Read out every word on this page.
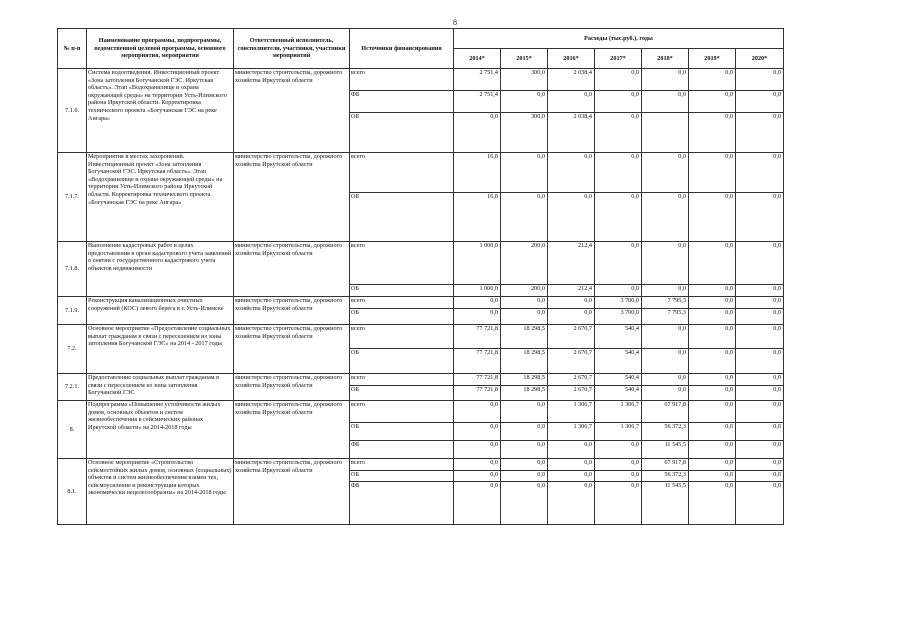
8
№ п-п	Наименование программы, подпрограммы, ведомственной целевой программы, основного мероприятия, мероприятия	Ответственный исполнитель, соисполнители, участники, участники мероприятий	Источники финансирования	Расходы (тыс.руб.), годы						
				2014*	2015*	2016*	2017*	2018*	2019*	2020*
7.1.6.	Система водоотведения. Инвестиционный проект «Зона затопления Богучанской ГЭС. Иркутская область». Этап «Водохранилище и охрана окружающей среды» на территории Усть-Илимского района Иркутской области. Корректировка технического проекта «Богучанская ГЭС на реке Ангара»	министерство строительства, дорожного хозяйства Иркутской области	всего	2 751,4	300,0	2 038,4	0,0	0,0	0,0	0,0
			ФБ	2 751,4	0,0	0,0	0,0	0,0	0,0	0,0
			ОБ	0,0	300,0	2 038,4	0,0		0,0	0,0
7.1.7.	Мероприятия в местах захоронений. Инвестиционный проект «Зона затопления Богучанской ГЭС. Иркутская область». Этап «Водохранилище и охрана окружающей среды» на территории Усть-Илимского района Иркутской области. Корректировка технического проекта «Богучанская ГЭС на реке Ангара»	министерство строительства, дорожного хозяйства Иркутской области	всего	16,8	0,0	0,0	0,0	0,0	0,0	0,0
			ОБ	16,8	0,0	0,0	0,0	0,0	0,0	0,0
7.1.8.	Выполнение кадастровых работ в целях предоставления в орган кадастрового учета заявлений о снятии с государственного кадастрового учета объектов недвижимости	министерство строительства, дорожного хозяйства Иркутской области	всего	1 000,0	200,0	212,4	0,0	0,0	0,0	0,0
			ОБ	1 000,0	200,0	212,4	0,0	0,0	0,0	0,0
7.1.9.	Реконструкция канализационных очистных сооружений (КОС) левого берега в г. Усть-Илимске	министерство строительства, дорожного хозяйства Иркутской области	всего	0,0	0,0	0,0	3 700,0	7 795,3	0,0	0,0
			ОБ	0,0	0,0	0,0	3 700,0	7 795,3	0,0	0,0
7.2.	Основное мероприятие «Предоставление социальных выплат гражданам в связи с переселением из зоны затопления Богучанской ГЭС» на 2014 - 2017 годы	министерство строительства, дорожного хозяйства Иркутской области	всего	77 721,8	18 298,5	2 670,7	540,4	0,0	0,0	0,0
			ОБ	77 721,8	18 298,5	2 670,7	540,4	0,0	0,0	0,0
7.2.1.	Предоставление социальных выплат гражданам в связи с переселением из зоны затопления Богучанской ГЭС	министерство строительства, дорожного хозяйства Иркутской области	всего	77 721,8	18 298,5	2 670,7	540,4	0,0	0,0	0,0
			ОБ	77 721,8	18 298,5	2 670,7	540,4	0,0	0,0	0,0
8.	Подпрограмма «Повышение устойчивости жилых домов, основных объектов и систем жизнеобеспечения в сейсмических районах Иркутской области» на 2014-2018 годы	министерство строительства, дорожного хозяйства Иркутской области	всего	0,0	0,0	1 306,7	1 306,7	67 917,8	0,0	0,0
			ОБ	0,0	0,0	1 306,7	1 306,7	56 372,3	0,0	0,0
			ФБ	0,0	0,0	0,0	0,0	11 545,5	0,0	0,0
8.1.	Основное мероприятие «Строительство сейсмостойких жилых домов, основных (социальных) объектов и систем жизнеобеспечения взамен тех, сейсмоусиление и реконструкция которых экономически нецелесообразны» на 2014-2018 годы	министерство строительства, дорожного хозяйства Иркутской области	всего	0,0	0,0	0,0	0,0	67 917,8	0,0	0,0
			ОБ	0,0	0,0	0,0	0,0	56 372,3	0,0	0,0
			ФБ	0,0	0,0	0,0	0,0	11 545,5	0,0	0,0
